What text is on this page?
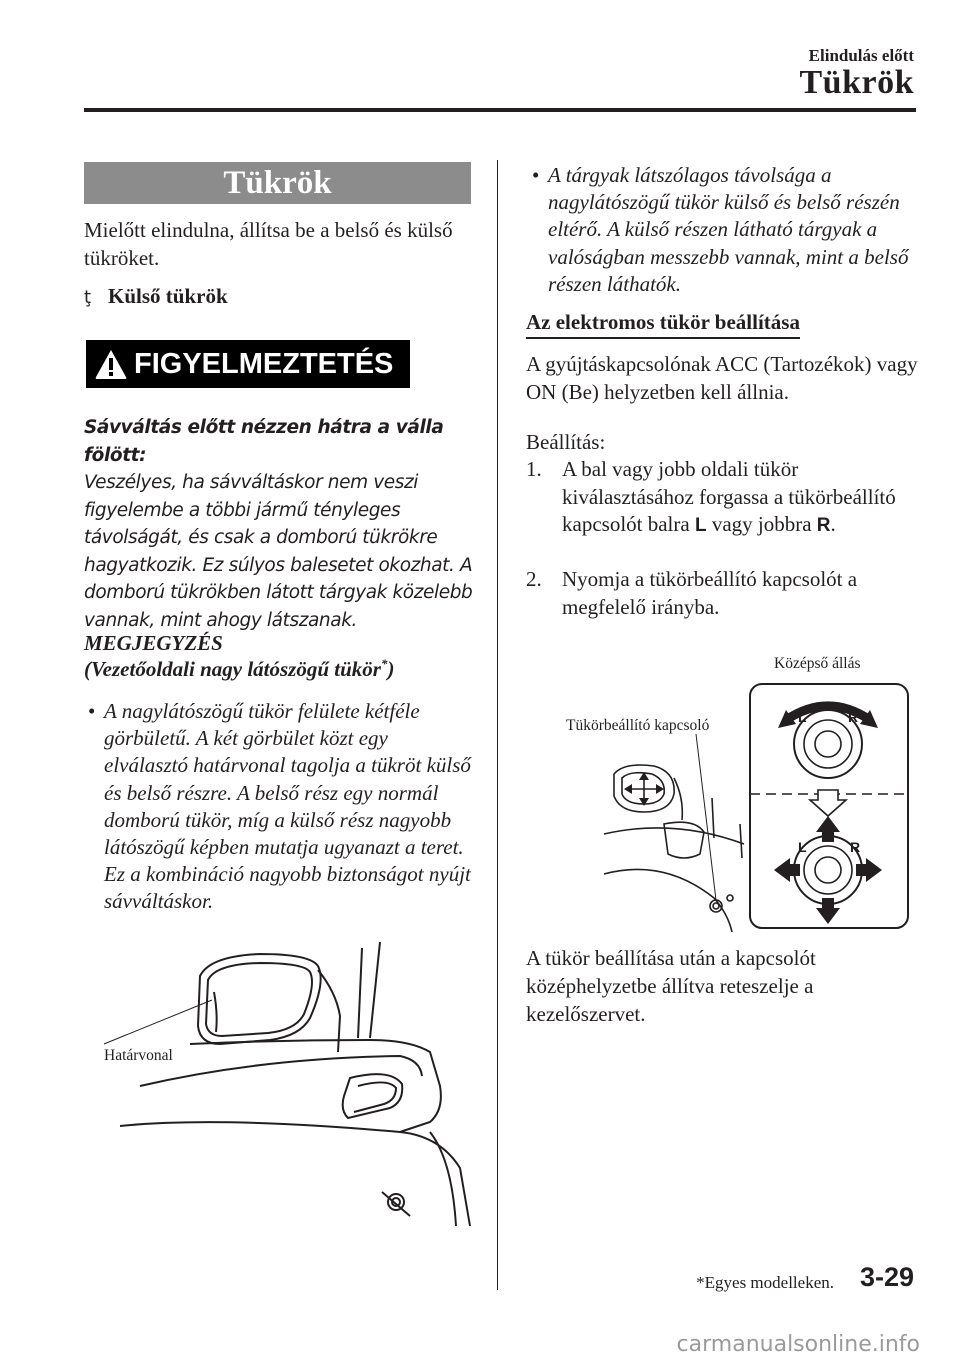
Elindulás előtt
Tükrök
Tükrök
Mielőtt elindulna, állítsa be a belső és külső tükröket.
ţ Külső tükrök
FIGYELMEZTETÉS
Sávváltás előtt nézzen hátra a válla fölött:
Veszélyes, ha sávváltáskor nem veszi figyelembe a többi jármű tényleges távolságát, és csak a domború tükrökre hagyatkozik. Ez súlyos balesetet okozhat. A domború tükrökben látott tárgyak közelebb vannak, mint ahogy látszanak.
MEGJEGYZÉS
(Vezetőoldali nagy látószögű tükör*)
• A nagylátószögű tükör felülete kétféle görbületű. A két görbület közt egy elválasztó határvonal tagolja a tükröt külső és belső részre. A belső rész egy normál domború tükör, míg a külső rész nagyobb látószögű képben mutatja ugyanazt a teret. Ez a kombináció nagyobb biztonságot nyújt sávváltáskor.
Határvonal
• A tárgyak látszólagos távolsága a nagylátószögű tükör külső és belső részén eltérő. A külső részen látható tárgyak a valóságban messzebb vannak, mint a belső részen láthatók.
Az elektromos tükör beállítása
A gyújtáskapcsolónak ACC (Tartozékok) vagy ON (Be) helyzetben kell állnia.
Beállítás:
1. A bal vagy jobb oldali tükör kiválasztásához forgassa a tükörbeállító kapcsolót balra L vagy jobbra R.
2. Nyomja a tükörbeállító kapcsolót a megfelelő irányba.
L	R
L	R
Középső állás
Tükörbeállító kapcsoló
A tükör beállítása után a kapcsolót középhelyzetbe állítva reteszelje a kezelőszervet.
*Egyes modelleken. 3-29
carmanualsonline.info
